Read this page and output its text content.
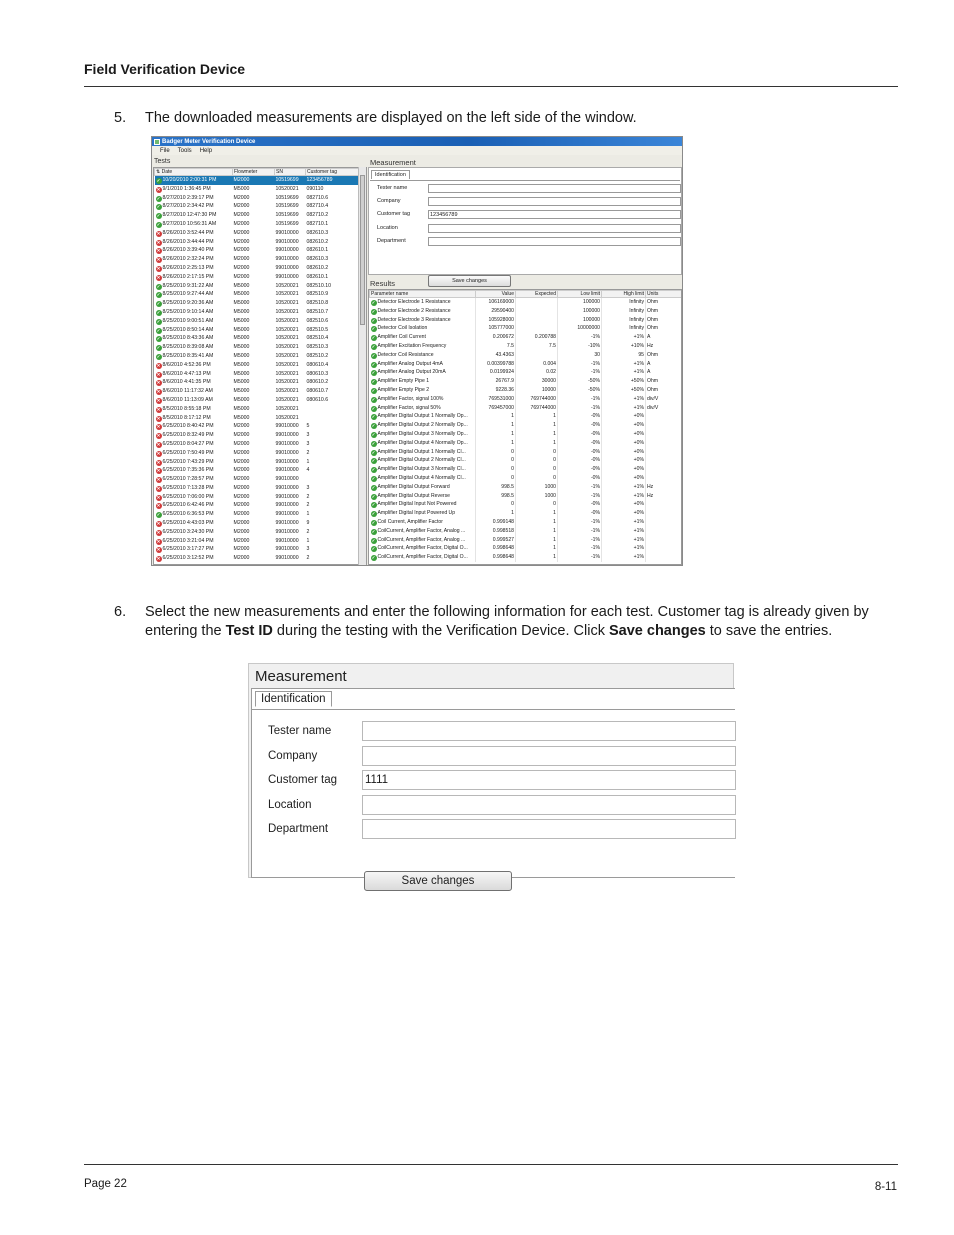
Field Verification Device
5. The downloaded measurements are displayed on the left side of the window.
Badger Meter Verification Device
File Tools Help
Tests
⇅ Date	Flowmeter	SN	Customer tag
✓ 10/20/2010 2:00:31 PM	M2000	10519699	123456789
✕ 9/1/2010 1:36:45 PM	M5000	10520021	090110
✓ 8/27/2010 2:39:17 PM	M2000	10519699	082710.6
✓ 8/27/2010 2:34:42 PM	M2000	10519699	082710.4
✓ 8/27/2010 12:47:30 PM	M2000	10519699	082710.2
✓ 8/27/2010 10:56:31 AM	M2000	10519699	082710.1
✕ 8/26/2010 3:52:44 PM	M2000	99010000	082610.3
✕ 8/26/2010 3:44:44 PM	M2000	99010000	082610.2
✕ 8/26/2010 3:39:40 PM	M2000	99010000	082610.1
✕ 8/26/2010 2:32:24 PM	M2000	99010000	082610.3
✕ 8/26/2010 2:25:13 PM	M2000	99010000	082610.2
✕ 8/26/2010 2:17:15 PM	M2000	99010000	082610.1
✓ 8/25/2010 9:31:22 AM	M5000	10520021	082510.10
✓ 8/25/2010 9:27:44 AM	M5000	10520021	082510.9
✓ 8/25/2010 9:20:36 AM	M5000	10520021	082510.8
✓ 8/25/2010 9:10:14 AM	M5000	10520021	082510.7
✓ 8/25/2010 9:00:51 AM	M5000	10520021	082510.6
✓ 8/25/2010 8:50:14 AM	M5000	10520021	082510.5
✓ 8/25/2010 8:43:36 AM	M5000	10520021	082510.4
✓ 8/25/2010 8:39:08 AM	M5000	10520021	082510.3
✓ 8/25/2010 8:35:41 AM	M5000	10520021	082510.2
✕ 8/6/2010 4:52:36 PM	M5000	10520021	080610.4
✕ 8/6/2010 4:47:13 PM	M5000	10520021	080610.3
✕ 8/6/2010 4:41:35 PM	M5000	10520021	080610.2
✕ 8/6/2010 11:17:32 AM	M5000	10520021	080610.7
✕ 8/6/2010 11:13:09 AM	M5000	10520021	080610.6
✕ 8/5/2010 8:55:18 PM	M5000	10520021	
✕ 8/5/2010 8:17:12 PM	M5000	10520021	
✕ 6/25/2010 8:40:42 PM	M2000	99010000	5
✕ 6/25/2010 8:32:49 PM	M2000	99010000	3
✕ 6/25/2010 8:04:27 PM	M2000	99010000	3
✕ 6/25/2010 7:50:49 PM	M2000	99010000	2
✕ 6/25/2010 7:43:29 PM	M2000	99010000	1
✕ 6/25/2010 7:35:36 PM	M2000	99010000	4
✕ 6/25/2010 7:28:57 PM	M2000	99010000	
✕ 6/25/2010 7:13:28 PM	M2000	99010000	3
✕ 6/25/2010 7:06:00 PM	M2000	99010000	2
✕ 6/25/2010 6:42:46 PM	M2000	99010000	2
✓ 6/25/2010 6:36:53 PM	M2000	99010000	1
✕ 6/25/2010 4:43:03 PM	M2000	99010000	9
✕ 6/25/2010 3:24:30 PM	M2000	99010000	2
✕ 6/25/2010 3:21:04 PM	M2000	99010000	1
✕ 6/25/2010 3:17:27 PM	M2000	99010000	3
✕ 6/25/2010 3:12:52 PM	M2000	99010000	2
Measurement
Identification
Tester name
Company
Customer tag	123456789
Location
Department
Save changes
Results
Parameter name	Value	Expected	Low limit	High limit	Units
✓ Detector Electrode 1 Resistance	106169000		100000	Infinity	Ohm
✓ Detector Electrode 2 Resistance	29590400		100000	Infinity	Ohm
✓ Detector Electrode 3 Resistance	105928000		100000	Infinity	Ohm
✓ Detector Coil Isolation	105777000		10000000	Infinity	Ohm
✓ Amplifier Coil Current	0.200672	0.200788	-1%	+1%	A
✓ Amplifier Excitation Frequency	7.5	7.5	-10%	+10%	Hz
✓ Detector Coil Resistance	43.4363		30	95	Ohm
✓ Amplifier Analog Output 4mA	0.00399788	0.004	-1%	+1%	A
✓ Amplifier Analog Output 20mA	0.0199924	0.02	-1%	+1%	A
✓ Amplifier Empty Pipe 1	26767.9	30000	-50%	+50%	Ohm
✓ Amplifier Empty Pipe 2	9228.36	10000	-50%	+50%	Ohm
✓ Amplifier Factor, signal 100%	769531000	769744000	-1%	+1%	div/V
✓ Amplifier Factor, signal 50%	769457000	769744000	-1%	+1%	div/V
✓ Amplifier Digital Output 1 Normally Op...	1	1	-0%	+0%	
✓ Amplifier Digital Output 2 Normally Op...	1	1	-0%	+0%	
✓ Amplifier Digital Output 3 Normally Op...	1	1	-0%	+0%	
✓ Amplifier Digital Output 4 Normally Op...	1	1	-0%	+0%	
✓ Amplifier Digital Output 1 Normally Cl...	0	0	-0%	+0%	
✓ Amplifier Digital Output 2 Normally Cl...	0	0	-0%	+0%	
✓ Amplifier Digital Output 3 Normally Cl...	0	0	-0%	+0%	
✓ Amplifier Digital Output 4 Normally Cl...	0	0	-0%	+0%	
✓ Amplifier Digital Output Forward	998.5	1000	-1%	+1%	Hz
✓ Amplifier Digital Output Reverse	998.5	1000	-1%	+1%	Hz
✓ Amplifier Digital Input Not Powered	0	0	-0%	+0%	
✓ Amplifier Digital Input Powered Up	1	1	-0%	+0%	
✓ Coil Current, Amplifier Factor	0.999148	1	-1%	+1%	
✓ CoilCurrent, Amplifier Factor, Analog ...	0.998518	1	-1%	+1%	
✓ CoilCurrent, Amplifier Factor, Analog ...	0.999527	1	-1%	+1%	
✓ CoilCurrent, Amplifier Factor, Digital O...	0.998648	1	-1%	+1%	
✓ CoilCurrent, Amplifier Factor, Digital O...	0.998648	1	-1%	+1%	
6. Select the new measurements and enter the following information for each test. Customer tag is already given by entering the Test ID during the testing with the Verification Device. Click Save changes to save the entries.
Measurement
Identification
Tester name
Company
Customer tag 1111
Location
Department
Save changes
Page 22	8-11
